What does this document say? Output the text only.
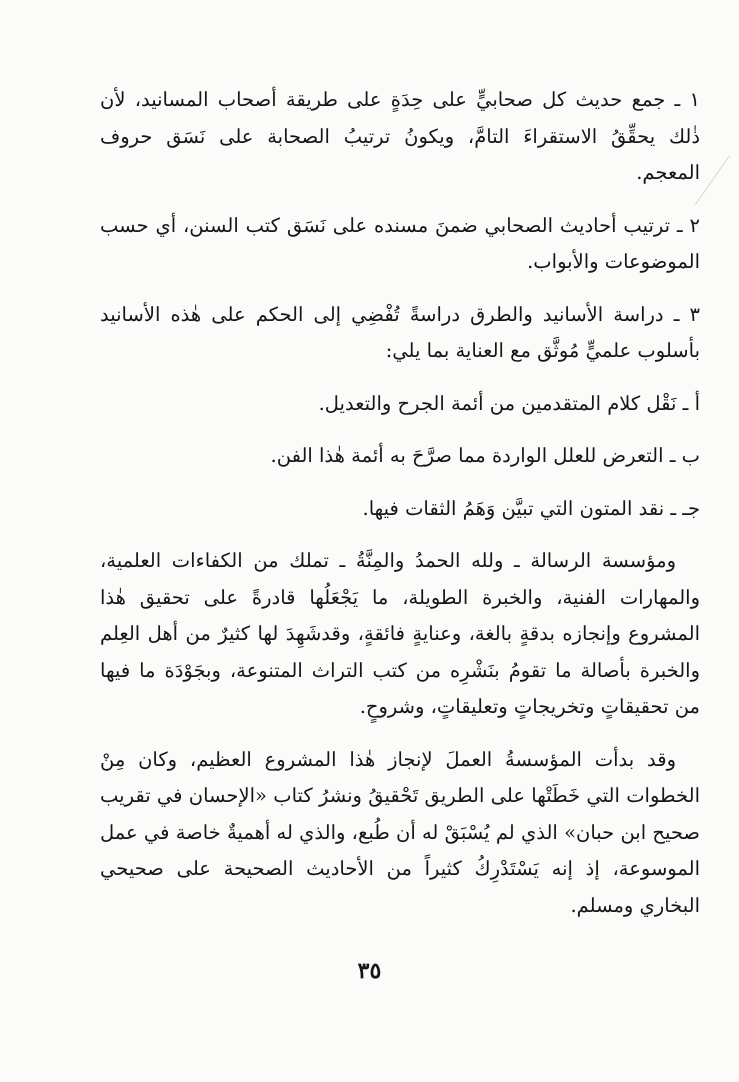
١ ـ جمع حديث كل صحابيٍّ على حِدَةٍ على طريقة أصحاب المسانيد، لأن ذٰلك يحقِّقُ الاستقراءَ التامَّ، ويكونُ ترتيبُ الصحابة على نَسَق حروف المعجم.

٢ ـ ترتيب أحاديث الصحابي ضمنَ مسنده على نَسَق كتب السنن، أي حسب الموضوعات والأبواب.

٣ ـ دراسة الأسانيد والطرق دراسةً تُفْضِي إلى الحكم على هٰذه الأسانيد بأسلوب علميٍّ مُوثَّق مع العناية بما يلي:

أ ـ نَقْل كلام المتقدمين من أئمة الجرح والتعديل.

ب ـ التعرض للعلل الواردة مما صرَّحَ به أئمة هٰذا الفن.

جـ ـ نقد المتون التي تبيَّن وَهَمُ الثقات فيها.

ومؤسسة الرسالة ـ ولله الحمدُ والمِنَّةُ ـ تملك من الكفاءات العلمية، والمهارات الفنية، والخبرة الطويلة، ما يَجْعَلُها قادرةً على تحقيق هٰذا المشروع وإنجازه بدقةٍ بالغة، وعنايةٍ فائقةٍ، وقدشَهِدَ لها كثيرٌ من أهل العِلم والخبرة بأصالة ما تقومُ بنَشْرِه من كتب التراث المتنوعة، وبجَوْدَة ما فيها من تحقيقاتٍ وتخريجاتٍ وتعليقاتٍ، وشروحٍ.

وقد بدأت المؤسسةُ العملَ لإنجاز هٰذا المشروع العظيم، وكان مِنْ الخطوات التي خَطَتْها على الطريق تَحْقيقُ ونشرُ كتاب «الإحسان في تقريب صحيح ابن حبان» الذي لم يُسْبَقْ له أن طُبع، والذي له أهميةٌ خاصة في عمل الموسوعة، إذ إنه يَسْتَدْرِكُ كثيراً من الأحاديث الصحيحة على صحيحي البخاري ومسلم.

٣٥
